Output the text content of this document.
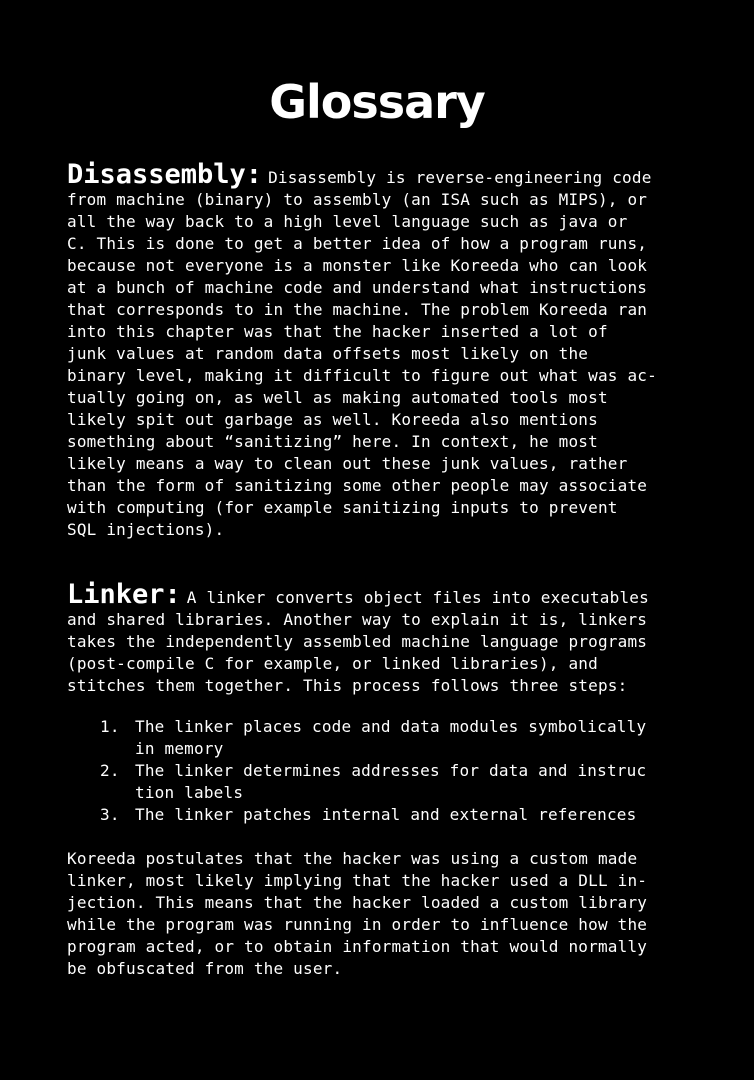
Glossary
Disassembly: Disassembly is reverse-engineering code
from machine (binary) to assembly (an ISA such as MIPS), or
all the way back to a high level language such as java or
C. This is done to get a better idea of how a program runs,
because not everyone is a monster like Koreeda who can look
at a bunch of machine code and understand what instructions
that corresponds to in the machine. The problem Koreeda ran
into this chapter was that the hacker inserted a lot of
junk values at random data offsets most likely on the
binary level, making it difficult to figure out what was ac-
tually going on, as well as making automated tools most
likely spit out garbage as well. Koreeda also mentions
something about “sanitizing” here. In context, he most
likely means a way to clean out these junk values, rather
than the form of sanitizing some other people may associate
with computing (for example sanitizing inputs to prevent
SQL injections).
Linker: A linker converts object files into executables
and shared libraries. Another way to explain it is, linkers
takes the independently assembled machine language programs
(post-compile C for example, or linked libraries), and
stitches them together. This process follows three steps:
1. The linker places code and data modules symbolically
in memory
2. The linker determines addresses for data and instruc
tion labels
3. The linker patches internal and external references
Koreeda postulates that the hacker was using a custom made
linker, most likely implying that the hacker used a DLL in-
jection. This means that the hacker loaded a custom library
while the program was running in order to influence how the
program acted, or to obtain information that would normally
be obfuscated from the user.
